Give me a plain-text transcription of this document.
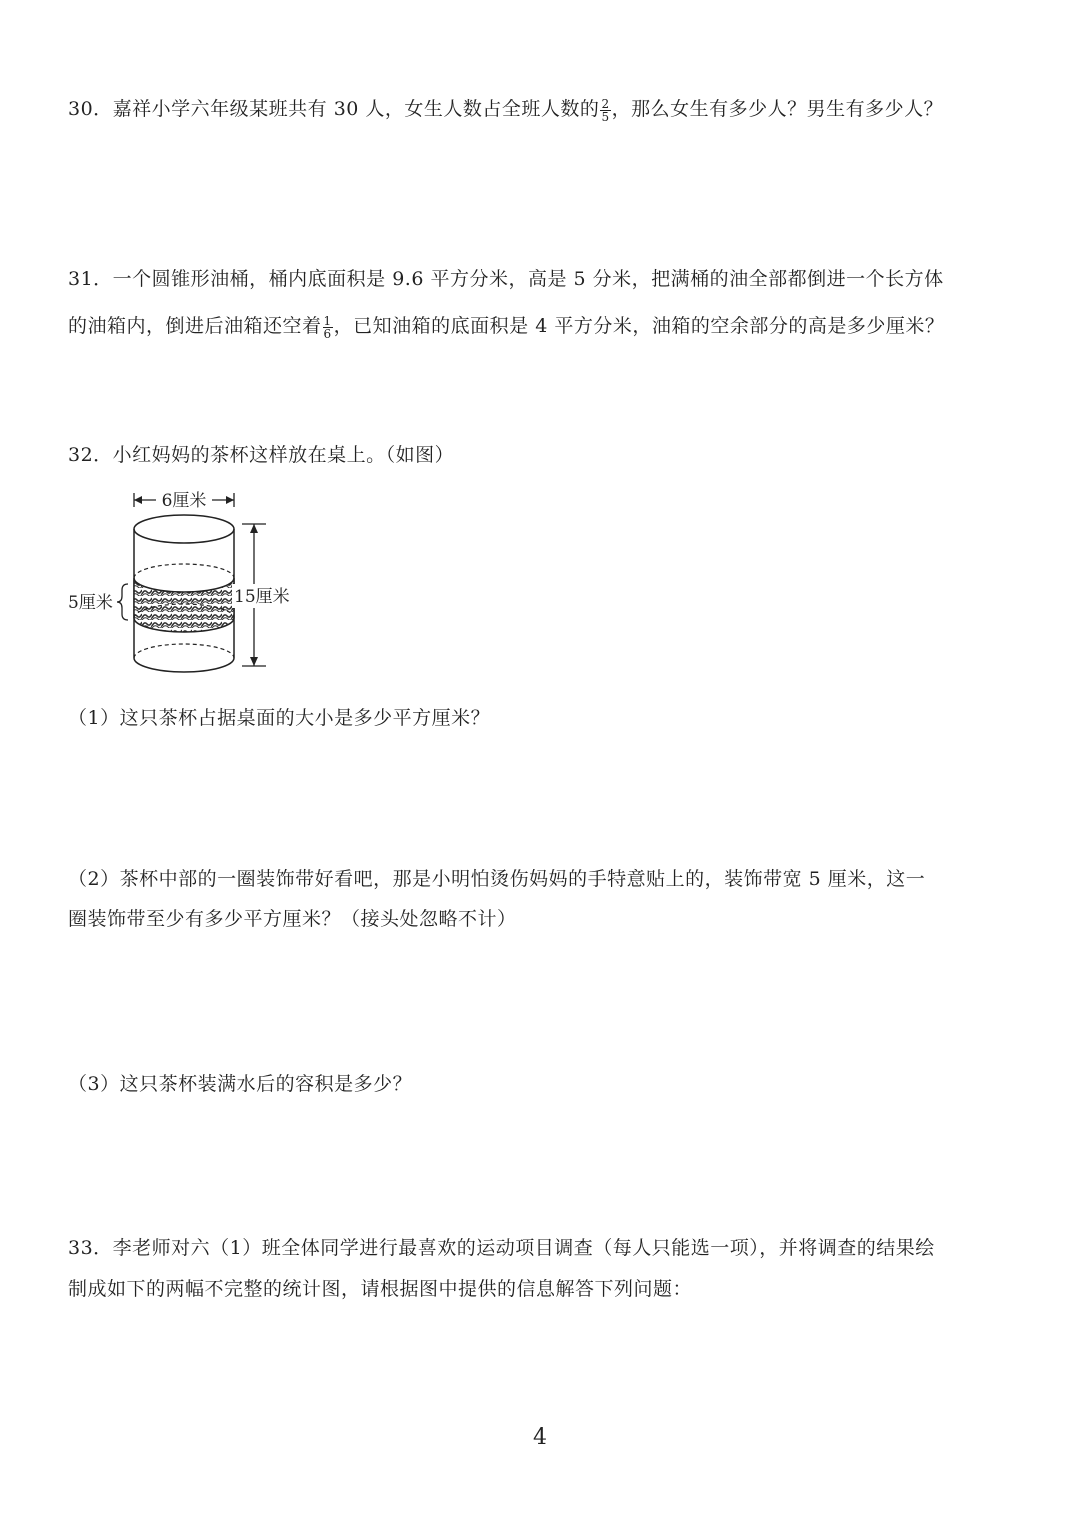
30．嘉祥小学六年级某班共有 30 人，女生人数占全班人数的 $\frac{2}{5}$ ，那么女生有多少人？男生有多少人？
31．一个圆锥形油桶，桶内底面积是 9.6 平方分米，高是 5 分米，把满桶的油全部都倒进一个长方体
的油箱内，倒进后油箱还空着 $\frac{1}{6}$ ，已知油箱的底面积是 4 平方分米，油箱的空余部分的高是多少厘米？
32．小红妈妈的茶杯这样放在桌上。（如图）
6厘米
15厘米
5厘米
（1）这只茶杯占据桌面的大小是多少平方厘米？
（2）茶杯中部的一圈装饰带好看吧，那是小明怕烫伤妈妈的手特意贴上的，装饰带宽 5 厘米，这一
圈装饰带至少有多少平方厘米？（接头处忽略不计）
（3）这只茶杯装满水后的容积是多少？
33．李老师对六（1）班全体同学进行最喜欢的运动项目调查（每人只能选一项），并将调查的结果绘
制成如下的两幅不完整的统计图，请根据图中提供的信息解答下列问题：
4
